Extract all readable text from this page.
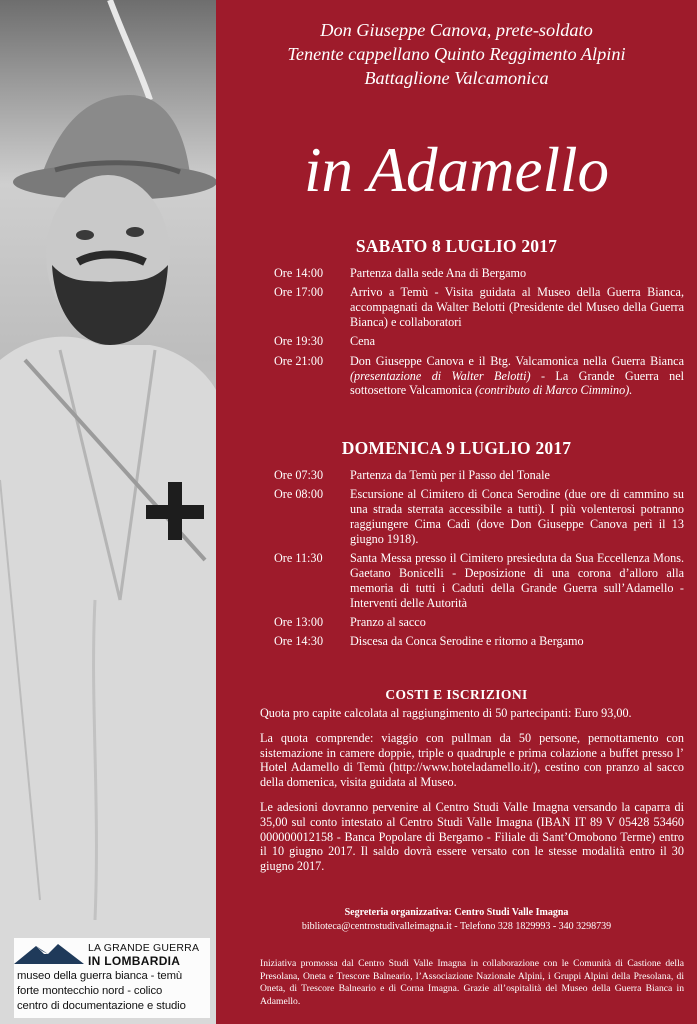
LA GRANDE GUERRA
IN LOMBARDIA
museo della guerra bianca - temù
forte montecchio nord - colico
centro di documentazione e studio
Don Giuseppe Canova, prete-soldato
Tenente cappellano Quinto Reggimento Alpini
Battaglione Valcamonica
in Adamello
SABATO 8 LUGLIO 2017
Ore 14:00	Partenza dalla sede Ana di Bergamo
Ore 17:00	Arrivo a Temù - Visita guidata al Museo della Guerra Bianca, accompagnati da Walter Belotti (Presidente del Museo della Guerra Bianca) e collaboratori
Ore 19:30	Cena
Ore 21:00	Don Giuseppe Canova e il Btg. Valcamonica nella Guerra Bianca (presentazione di Walter Belotti) - La Grande Guerra nel sottosettore Valcamonica (contributo di Marco Cimmino).
DOMENICA 9 LUGLIO 2017
Ore 07:30	Partenza da Temù per il Passo del Tonale
Ore 08:00	Escursione al Cimitero di Conca Serodine (due ore di cammino su una strada sterrata accessibile a tutti). I più volenterosi potranno raggiungere Cima Cadì (dove Don Giuseppe Canova perì il 13 giugno 1918).
Ore 11:30	Santa Messa presso il Cimitero presieduta da Sua Eccellenza Mons. Gaetano Bonicelli - Deposizione di una corona d’alloro alla memoria di tutti i Caduti della Grande Guerra sull’Adamello - Interventi delle Autorità
Ore 13:00	Pranzo al sacco
Ore 14:30	Discesa da Conca Serodine e ritorno a Bergamo
COSTI E ISCRIZIONI

Quota pro capite calcolata al raggiungimento di 50 partecipanti: Euro 93,00.

La quota comprende: viaggio con pullman da 50 persone, pernottamento con sistemazione in camere doppie, triple o quadruple e prima colazione a buffet presso l’ Hotel Adamello di Temù (http://www.hoteladamello.it/), cestino con pranzo al sacco della domenica, visita guidata al Museo.

Le adesioni dovranno pervenire al Centro Studi Valle Imagna versando la caparra di 35,00 sul conto intestato al Centro Studi Valle Imagna (IBAN IT 89 V 05428 53460 000000012158 - Banca Popolare di Bergamo - Filiale di Sant’Omobono Terme) entro il 10 giugno 2017. Il saldo dovrà essere versato con le stesse modalità entro il 30 giugno 2017.

Segreteria organizzativa: Centro Studi Valle Imagna
biblioteca@centrostudivalleimagna.it - Telefono 328 1829993 - 340 3298739
Iniziativa promossa dal Centro Studi Valle Imagna in collaborazione con le Comunità di Castione della Presolana, Oneta e Trescore Balneario, l’Associazione Nazionale Alpini, i Gruppi Alpini della Presolana, di Oneta, di Trescore Balneario e di Corna Imagna. Grazie all’ospitalità del Museo della Guerra Bianca in Adamello.
